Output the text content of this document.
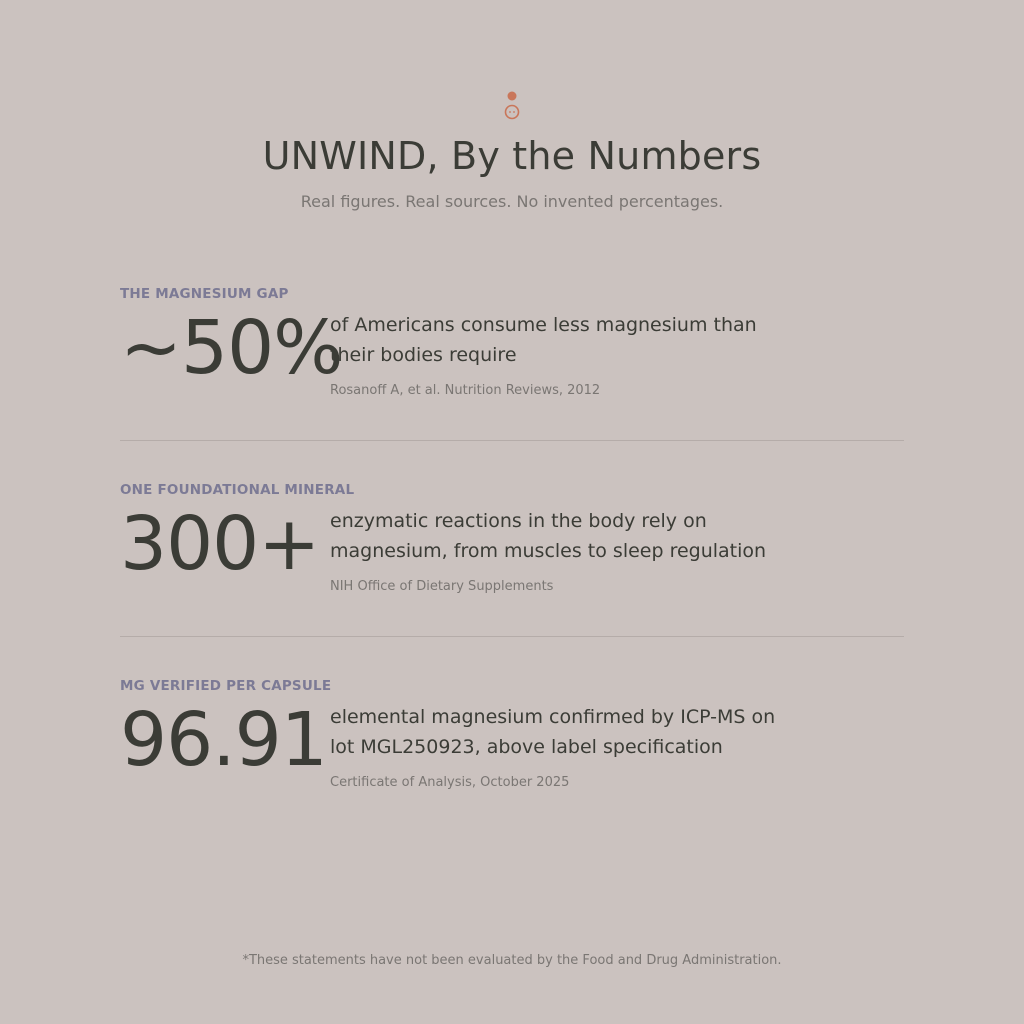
UNWIND, By the Numbers
Real figures. Real sources. No invented percentages.
THE MAGNESIUM GAP
~50%
of Americans consume less magnesium than their bodies require
Rosanoff A, et al. Nutrition Reviews, 2012
ONE FOUNDATIONAL MINERAL
300+ enzymatic reactions in the body rely on magnesium, from muscles to sleep regulation
NIH Office of Dietary Supplements
MG VERIFIED PER CAPSULE
96.91 elemental magnesium confirmed by ICP-MS on lot MGL250923, above label specification
Certificate of Analysis, October 2025
*These statements have not been evaluated by the Food and Drug Administration.
